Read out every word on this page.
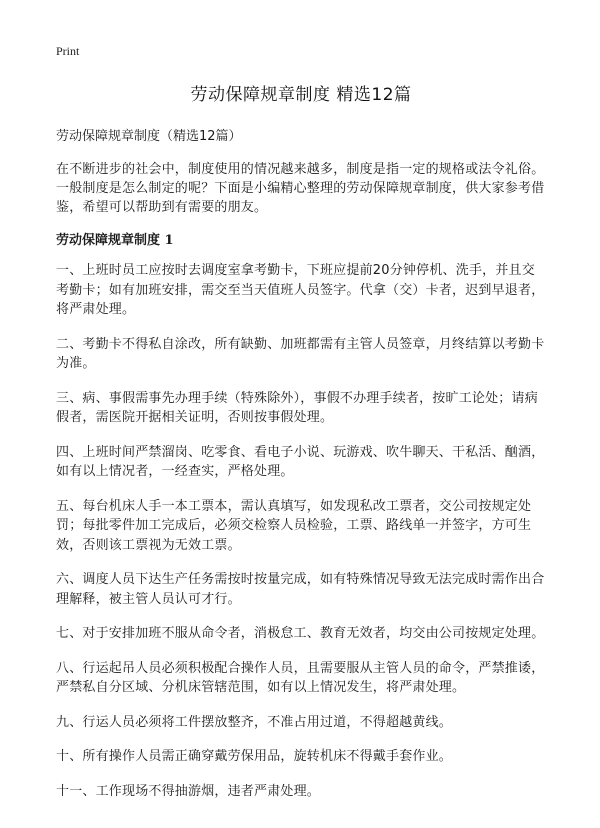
Print
劳动保障规章制度 精选12篇

劳动保障规章制度（精选12篇）

在不断进步的社会中，制度使用的情况越来越多，制度是指一定的规格或法令礼俗。一般制度是怎么制定的呢？下面是小编精心整理的劳动保障规章制度，供大家参考借鉴，希望可以帮助到有需要的朋友。

劳动保障规章制度 1

一、上班时员工应按时去调度室拿考勤卡，下班应提前20分钟停机、洗手，并且交考勤卡；如有加班安排，需交至当天值班人员签字。代拿（交）卡者，迟到早退者，将严肃处理。

二、考勤卡不得私自涂改，所有缺勤、加班都需有主管人员签章，月终结算以考勤卡为准。

三、病、事假需事先办理手续（特殊除外），事假不办理手续者，按旷工论处；请病假者，需医院开据相关证明，否则按事假处理。

四、上班时间严禁溜岗、吃零食、看电子小说、玩游戏、吹牛聊天、干私活、酗酒，如有以上情况者，一经查实，严格处理。

五、每台机床人手一本工票本，需认真填写，如发现私改工票者，交公司按规定处罚；每批零件加工完成后，必须交检察人员检验，工票、路线单一并签字，方可生效，否则该工票视为无效工票。

六、调度人员下达生产任务需按时按量完成，如有特殊情况导致无法完成时需作出合理解释，被主管人员认可才行。

七、对于安排加班不服从命令者，消极怠工、教育无效者，均交由公司按规定处理。

八、行运起吊人员必须积极配合操作人员，且需要服从主管人员的命令，严禁推诿，严禁私自分区域、分机床管辖范围，如有以上情况发生，将严肃处理。

九、行运人员必须将工件摆放整齐，不准占用过道，不得超越黄线。

十、所有操作人员需正确穿戴劳保用品，旋转机床不得戴手套作业。

十一、工作现场不得抽游烟，违者严肃处理。
